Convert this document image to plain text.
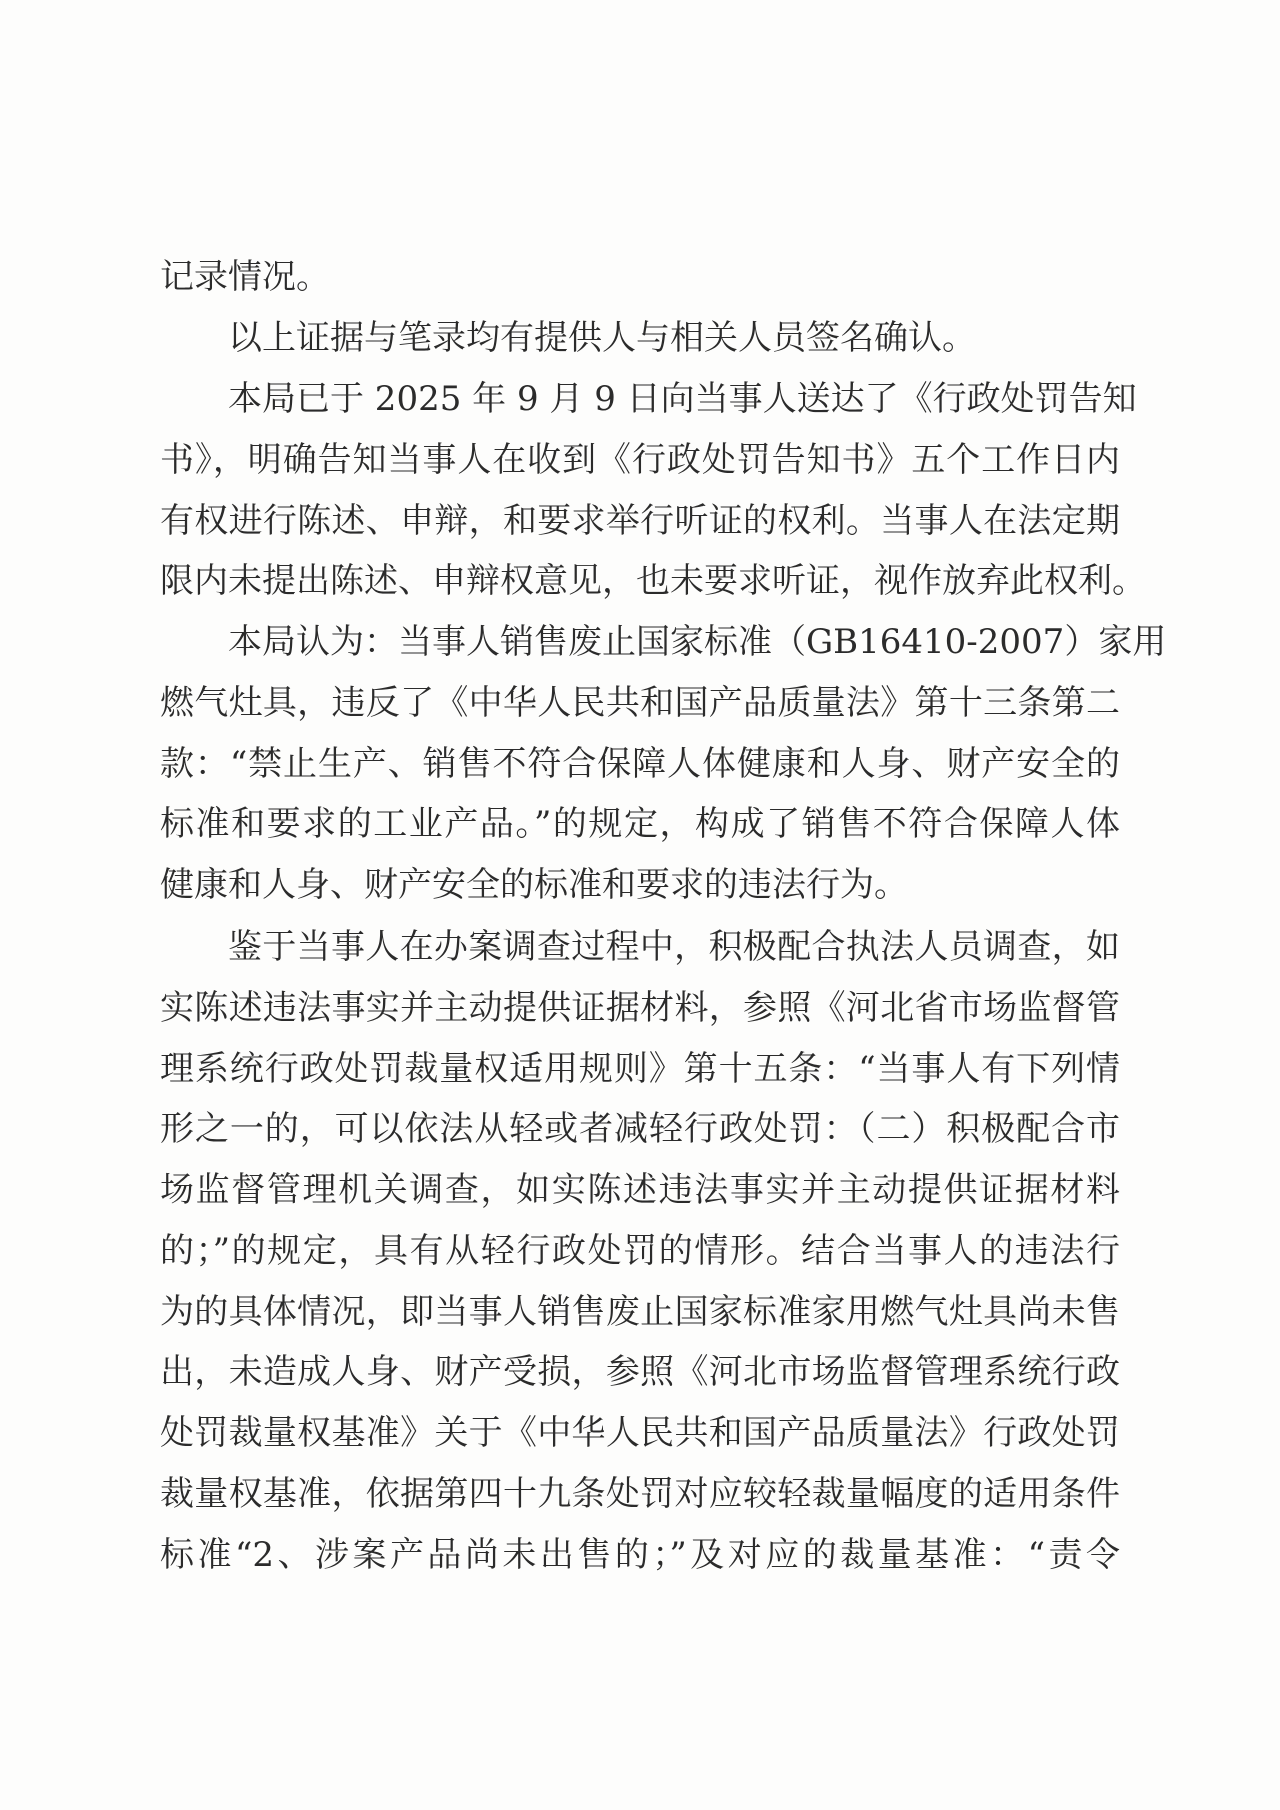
记录情况。
以上证据与笔录均有提供人与相关人员签名确认。
本局已于 2025 年 9 月 9 日向当事人送达了《行政处罚告知
书》，明确告知当事人在收到《行政处罚告知书》五个工作日内
有权进行陈述、申辩，和要求举行听证的权利。当事人在法定期
限内未提出陈述、申辩权意见，也未要求听证，视作放弃此权利。
本局认为：当事人销售废止国家标准（GB16410-2007）家用
燃气灶具，违反了《中华人民共和国产品质量法》第十三条第二
款：“禁止生产、销售不符合保障人体健康和人身、财产安全的
标准和要求的工业产品。”的规定，构成了销售不符合保障人体
健康和人身、财产安全的标准和要求的违法行为。
鉴于当事人在办案调查过程中，积极配合执法人员调查，如
实陈述违法事实并主动提供证据材料，参照《河北省市场监督管
理系统行政处罚裁量权适用规则》第十五条：“当事人有下列情
形之一的，可以依法从轻或者减轻行政处罚：（二）积极配合市
场监督管理机关调查，如实陈述违法事实并主动提供证据材料
的；”的规定，具有从轻行政处罚的情形。结合当事人的违法行
为的具体情况，即当事人销售废止国家标准家用燃气灶具尚未售
出，未造成人身、财产受损，参照《河北市场监督管理系统行政
处罚裁量权基准》关于《中华人民共和国产品质量法》行政处罚
裁量权基准，依据第四十九条处罚对应较轻裁量幅度的适用条件
标准“2、涉案产品尚未出售的；”及对应的裁量基准：“责令
